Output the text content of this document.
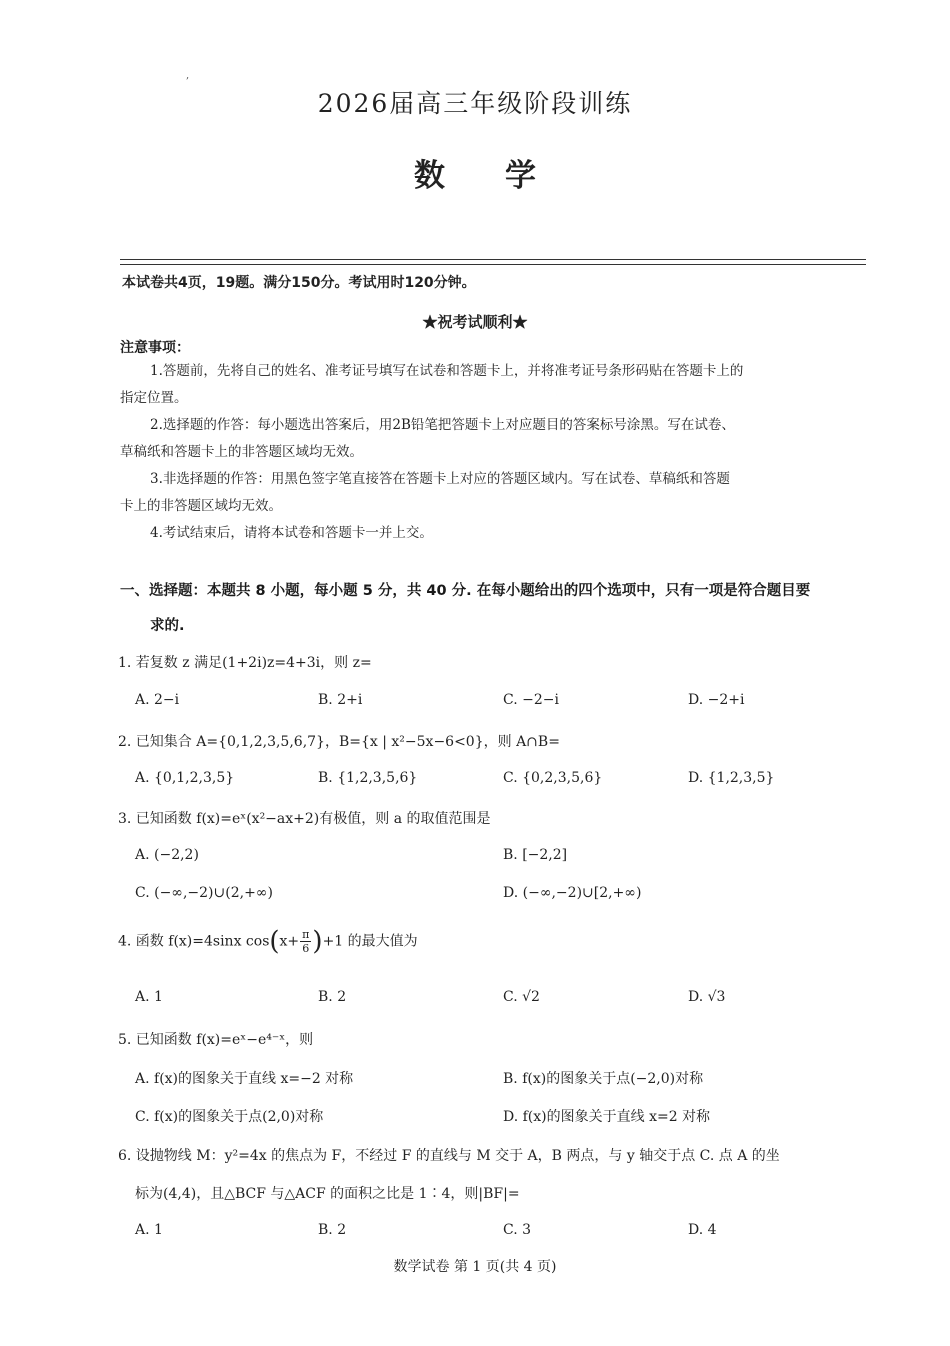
,
2026届高三年级阶段训练
数学
本试卷共4页，19题。满分150分。考试用时120分钟。
★祝考试顺利★
注意事项：
1.答题前，先将自己的姓名、准考证号填写在试卷和答题卡上，并将准考证号条形码贴在答题卡上的
指定位置。
2.选择题的作答：每小题选出答案后，用2B铅笔把答题卡上对应题目的答案标号涂黑。写在试卷、
草稿纸和答题卡上的非答题区域均无效。
3.非选择题的作答：用黑色签字笔直接答在答题卡上对应的答题区域内。写在试卷、草稿纸和答题
卡上的非答题区域均无效。
4.考试结束后，请将本试卷和答题卡一并上交。
一、选择题：本题共 8 小题，每小题 5 分，共 40 分. 在每小题给出的四个选项中，只有一项是符合题目要
求的.
1. 若复数 z 满足(1+2i)z=4+3i，则 z=
A. 2−i	B. 2+i	C. −2−i	D. −2+i
2. 已知集合 A={0,1,2,3,5,6,7}，B={x | x²−5x−6<0}，则 A∩B=
A. {0,1,2,3,5}	B. {1,2,3,5,6}	C. {0,2,3,5,6}	D. {1,2,3,5}
3. 已知函数 f(x)=eˣ(x²−ax+2)有极值，则 a 的取值范围是
A. (−2,2)	B. [−2,2]
C. (−∞,−2)∪(2,+∞)	D. (−∞,−2)∪[2,+∞)
4. 函数 f(x)=4sinx $\cos(x+ \frac{\pi}{6} )+1$ 的最大值为
A. 1	B. 2	C. √2	D. √3
5. 已知函数 f(x)=eˣ−e⁴⁻ˣ，则
A. f(x)的图象关于直线 x=−2 对称	B. f(x)的图象关于点(−2,0)对称
C. f(x)的图象关于点(2,0)对称	D. f(x)的图象关于直线 x=2 对称
6. 设抛物线 M：y²=4x 的焦点为 F，不经过 F 的直线与 M 交于 A，B 两点，与 y 轴交于点 C. 点 A 的坐
标为(4,4)，且△BCF 与△ACF 的面积之比是 1∶4，则|BF|=
A. 1	B. 2	C. 3	D. 4
数学试卷 第 1 页(共 4 页)
